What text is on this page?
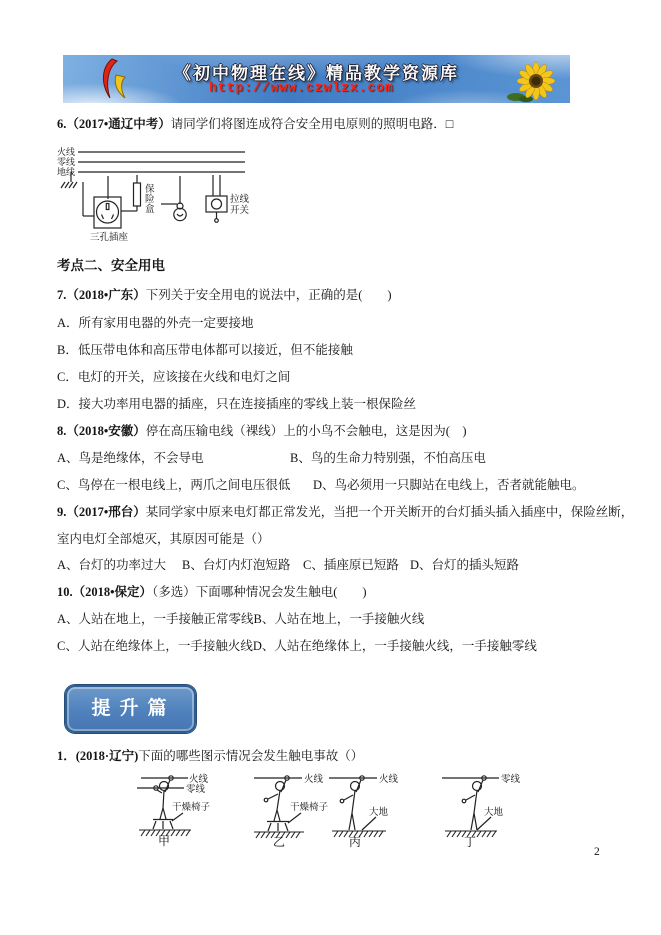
《初中物理在线》精品教学资源库
http://www.czwlzx.com
6.（2017•通辽中考）请同学们将图连成符合安全用电原则的照明电路．□
火线
零线
地线
保
险
盒
拉线
开关
三孔插座
考点二、安全用电
7.（2018•广东）下列关于安全用电的说法中，正确的是(　　)
A．所有家用电器的外壳一定要接地
B．低压带电体和高压带电体都可以接近，但不能接触
C．电灯的开关，应该接在火线和电灯之间
D．接大功率用电器的插座，只在连接插座的零线上装一根保险丝
8.（2018•安徽）停在高压输电线（裸线）上的小鸟不会触电，这是因为(　)
A、鸟是绝缘体，不会导电	B、鸟的生命力特别强，不怕高压电
C、鸟停在一根电线上，两爪之间电压很低 D、鸟必须用一只脚站在电线上，否者就能触电。
9.（2017•邢台）某同学家中原来电灯都正常发光，当把一个开关断开的台灯插头插入插座中，保险丝断，
室内电灯全部熄灭，其原因可能是（）
A、台灯的功率过大 B、台灯内灯泡短路 C、插座原已短路 D、台灯的插头短路
10.（2018•保定）（多选）下面哪种情况会发生触电(　　)
A、人站在地上，一手接触正常零线B、人站在地上，一手接触火线
C、人站在绝缘体上，一手接触火线D、人站在绝缘体上，一手接触火线，一手接触零线
提升篇
1．(2018·辽宁)下面的哪些图示情况会发生触电事故（）
火线
零线
干燥椅子
甲
火线
干燥椅子
乙
火线
大地
丙
零线
大地
丁
2
